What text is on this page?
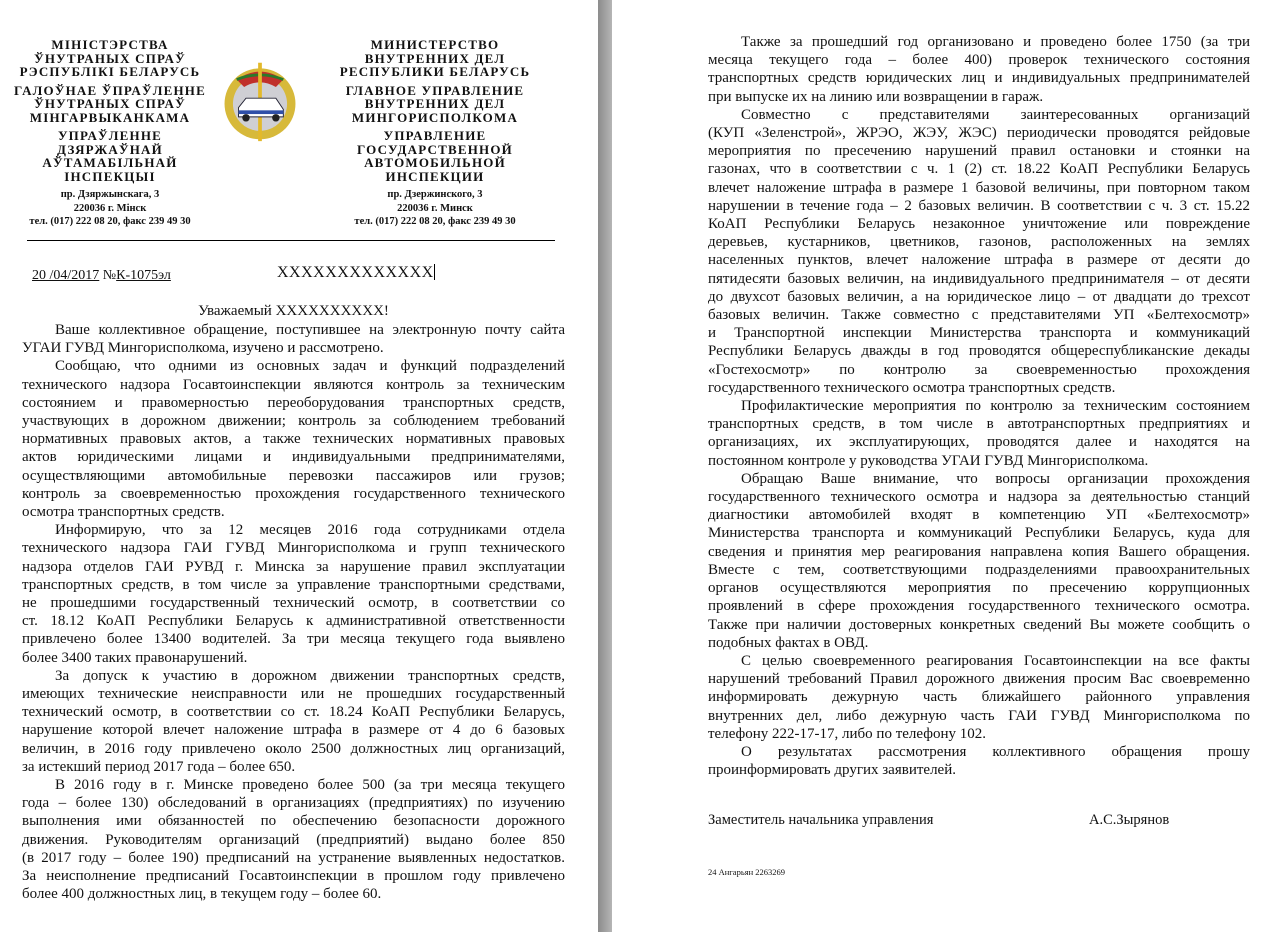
МІНІСТЭРСТВА
ЎНУТРАНЫХ СПРАЎ
РЭСПУБЛІКІ БЕЛАРУСЬ
ГАЛОЎНАЕ ЎПРАЎЛЕННЕ
ЎНУТРАНЫХ СПРАЎ
МІНГАРВЫКАНКАМА
УПРАЎЛЕННЕ
ДЗЯРЖАЎНАЙ
АЎТАМАБІЛЬНАЙ
ІНСПЕКЦЫІ
пр. Дзяржынскага, 3
220036 г. Мінск
тел. (017) 222 08 20, факс 239 49 30
МИНИСТЕРСТВО
ВНУТРЕННИХ ДЕЛ
РЕСПУБЛИКИ БЕЛАРУСЬ
ГЛАВНОЕ УПРАВЛЕНИЕ
ВНУТРЕННИХ ДЕЛ
МИНГОРИСПОЛКОМА
УПРАВЛЕНИЕ
ГОСУДАРСТВЕННОЙ
АВТОМОБИЛЬНОЙ
ИНСПЕКЦИИ
пр. Дзержинского, 3
220036 г. Минск
тел. (017) 222 08 20, факс 239 49 30
20 /04/2017 №К-1075эл	XXXXXXXXXXXXX
Уважаемый XXXXXXXXXX!
Ваше коллективное обращение, поступившее на электронную почту сайта
УГАИ ГУВД Мингорисполкома, изучено и рассмотрено.
Сообщаю, что одними из основных задач и функций подразделений
технического надзора Госавтоинспекции являются контроль за техническим
состоянием и правомерностью переоборудования транспортных средств,
участвующих в дорожном движении; контроль за соблюдением требований
нормативных правовых актов, а также технических нормативных правовых
актов юридическими лицами и индивидуальными предпринимателями,
осуществляющими автомобильные перевозки пассажиров или грузов;
контроль за своевременностью прохождения государственного технического
осмотра транспортных средств.
Информирую, что за 12 месяцев 2016 года сотрудниками отдела
технического надзора ГАИ ГУВД Мингорисполкома и групп технического
надзора отделов ГАИ РУВД г. Минска за нарушение правил эксплуатации
транспортных средств, в том числе за управление транспортными средствами,
не прошедшими государственный технический осмотр, в соответствии со
ст. 18.12 КоАП Республики Беларусь к административной ответственности
привлечено более 13400 водителей. За три месяца текущего года выявлено
более 3400 таких правонарушений.
За допуск к участию в дорожном движении транспортных средств,
имеющих технические неисправности или не прошедших государственный
технический осмотр, в соответствии со ст. 18.24 КоАП Республики Беларусь,
нарушение которой влечет наложение штрафа в размере от 4 до 6 базовых
величин, в 2016 году привлечено около 2500 должностных лиц организаций,
за истекший период 2017 года – более 650.
В 2016 году в г. Минске проведено более 500 (за три месяца текущего
года – более 130) обследований в организациях (предприятиях) по изучению
выполнения ими обязанностей по обеспечению безопасности дорожного
движения. Руководителям организаций (предприятий) выдано более 850
(в 2017 году – более 190) предписаний на устранение выявленных недостатков.
За неисполнение предписаний Госавтоинспекции в прошлом году привлечено
более 400 должностных лиц, в текущем году – более 60.
Также за прошедший год организовано и проведено более 1750 (за три
месяца текущего года – более 400) проверок технического состояния
транспортных средств юридических лиц и индивидуальных предпринимателей
при выпуске их на линию или возвращении в гараж.
Совместно с представителями заинтересованных организаций
(КУП «Зеленстрой», ЖРЭО, ЖЭУ, ЖЭС) периодически проводятся рейдовые
мероприятия по пресечению нарушений правил остановки и стоянки на
газонах, что в соответствии с ч. 1 (2) ст. 18.22 КоАП Республики Беларусь
влечет наложение штрафа в размере 1 базовой величины, при повторном таком
нарушении в течение года – 2 базовых величин. В соответствии с ч. 3 ст. 15.22
КоАП Республики Беларусь незаконное уничтожение или повреждение
деревьев, кустарников, цветников, газонов, расположенных на землях
населенных пунктов, влечет наложение штрафа в размере от десяти до
пятидесяти базовых величин, на индивидуального предпринимателя – от десяти
до двухсот базовых величин, а на юридическое лицо – от двадцати до трехсот
базовых величин. Также совместно с представителями УП «Белтехосмотр»
и Транспортной инспекции Министерства транспорта и коммуникаций
Республики Беларусь дважды в год проводятся общереспубликанские декады
«Гостехосмотр» по контролю за своевременностью прохождения
государственного технического осмотра транспортных средств.
Профилактические мероприятия по контролю за техническим состоянием
транспортных средств, в том числе в автотранспортных предприятиях и
организациях, их эксплуатирующих, проводятся далее и находятся на
постоянном контроле у руководства УГАИ ГУВД Мингорисполкома.
Обращаю Ваше внимание, что вопросы организации прохождения
государственного технического осмотра и надзора за деятельностью станций
диагностики автомобилей входят в компетенцию УП «Белтехосмотр»
Министерства транспорта и коммуникаций Республики Беларусь, куда для
сведения и принятия мер реагирования направлена копия Вашего обращения.
Вместе с тем, соответствующими подразделениями правоохранительных
органов осуществляются мероприятия по пресечению коррупционных
проявлений в сфере прохождения государственного технического осмотра.
Также при наличии достоверных конкретных сведений Вы можете сообщить о
подобных фактах в ОВД.
С целью своевременного реагирования Госавтоинспекции на все факты
нарушений требований Правил дорожного движения просим Вас своевременно
информировать дежурную часть ближайшего районного управления
внутренних дел, либо дежурную часть ГАИ ГУВД Мингорисполкома по
телефону 222-17-17, либо по телефону 102.
О результатах рассмотрения коллективного обращения прошу
проинформировать других заявителей.
Заместитель начальника управления	А.С.Зырянов
24 Ангарьян 2263269
